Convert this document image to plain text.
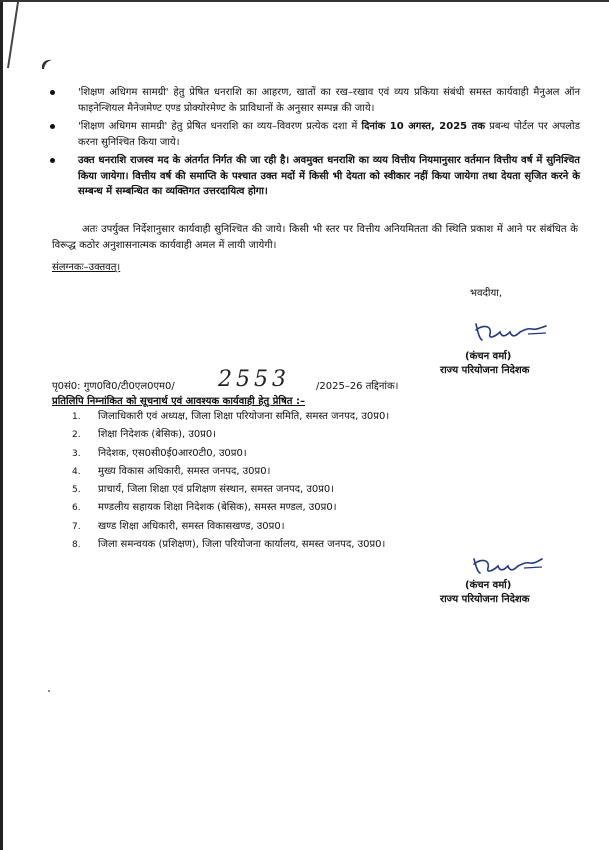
'शिक्षण अधिगम सामग्री' हेतु प्रेषित धनराशि का आहरण, खातों का रख–रखाव एवं व्यय प्रकिया संबंधी समस्त कार्यवाही मैनुअल ऑन फाइनेन्शियल मैनेजमेण्ट एण्ड प्रोक्योरमेण्ट के प्राविधानों के अनुसार सम्पन्न की जाये।
'शिक्षण अधिगम सामग्री' हेतु प्रेषित धनराशि का व्यय–विवरण प्रत्येक दशा में दिनांक 10 अगस्त, 2025 तक प्रबन्ध पोर्टल पर अपलोड करना सुनिश्चित किया जाये।
उक्त धनराशि राजस्व मद के अंतर्गत निर्गत की जा रही है। अवमुक्त धनराशि का व्यय वित्तीय नियमानुसार वर्तमान वित्तीय वर्ष में सुनिश्चित किया जायेगा। वित्तीय वर्ष की समाप्ति के पश्चात उक्त मदों में किसी भी देयता को स्वीकार नहीं किया जायेगा तथा देयता सृजित करने के सम्बन्ध में सम्बन्धित का व्यक्तिगत उत्तरदायित्व होगा।
अतः उपर्युक्त निर्देशानुसार कार्यवाही सुनिश्चित की जाये। किसी भी स्तर पर वित्तीय अनियमितता की स्थिति प्रकाश में आने पर संबंधित के विरूद्ध कठोर अनुशासनात्मक कार्यवाही अमल में लायी जायेगी।
संलग्नकः–उक्तवत्।
भवदीया,
(कंचन वर्मा)
राज्य परियोजना निदेशक
पृ0सं0: गुण0वि0/टी0एल0एम0/ 2553	/2025–26 तद्दिनांक।
प्रतिलिपि निम्नांकित को सूचनार्थ एवं आवश्यक कार्यवाही हेतु प्रेषित :–
1. जिलाधिकारी एवं अध्यक्ष, जिला शिक्षा परियोजना समिति, समस्त जनपद, उ0प्र0।
2. शिक्षा निदेशक (बेसिक), उ0प्र0।
3. निदेशक, एस0सी0ई0आर0टी0, उ0प्र0।
4. मुख्य विकास अधिकारी, समस्त जनपद, उ0प्र0।
5. प्राचार्य, जिला शिक्षा एवं प्रशिक्षण संस्थान, समस्त जनपद, उ0प्र0।
6. मण्डलीय सहायक शिक्षा निदेशक (बेसिक), समस्त मण्डल, उ0प्र0।
7. खण्ड शिक्षा अधिकारी, समस्त विकासखण्ड, उ0प्र0।
8. जिला समन्वयक (प्रशिक्षण), जिला परियोजना कार्यालय, समस्त जनपद, उ0प्र0।
(कंचन वर्मा)
राज्य परियोजना निदेशक
